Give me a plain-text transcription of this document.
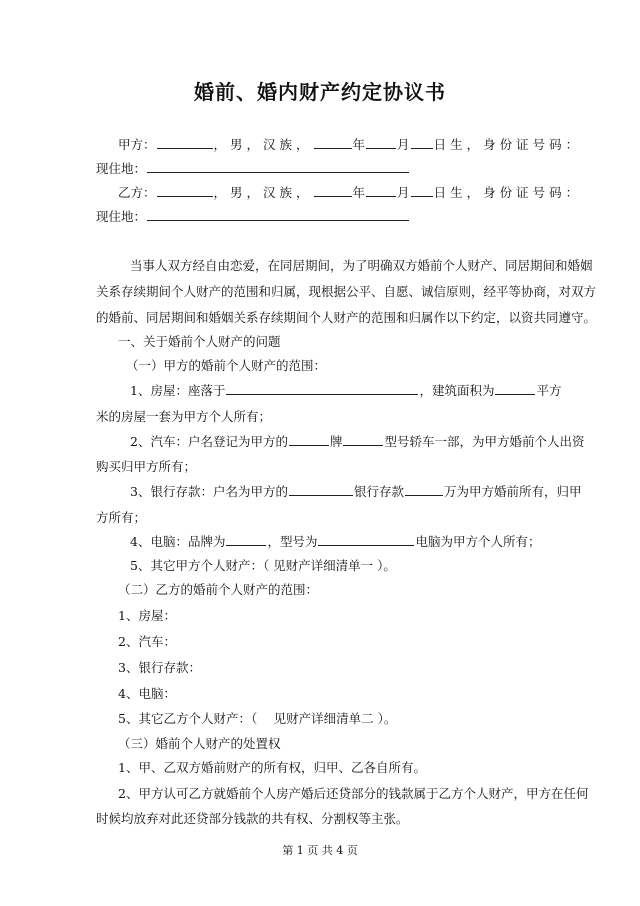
婚前、婚内财产约定协议书
甲方：	，男，汉族，	年	月 日生，身份证号码：
现住地：
乙方：	，男，汉族，	年	月 日生，身份证号码：
现住地：
当事人双方经自由恋爱，在同居期间，为了明确双方婚前个人财产、同居期间和婚姻
关系存续期间个人财产的范围和归属，现根据公平、自愿、诚信原则，经平等协商，对双方
的婚前、同居期间和婚姻关系存续期间个人财产的范围和归属作以下约定，以资共同遵守。
一、关于婚前个人财产的问题
（一）甲方的婚前个人财产的范围：
1、房屋：座落于	，建筑面积为	平方
米的房屋一套为甲方个人所有；
2、汽车：户名登记为甲方的	牌	型号轿车一部，为甲方婚前个人出资
购买归甲方所有；
3、银行存款：户名为甲方的	银行存款	万为甲方婚前所有，归甲
方所有；
4、电脑：品牌为	，型号为	电脑为甲方个人所有；
5、其它甲方个人财产：（ 见财产详细清单一 ）。
（二）乙方的婚前个人财产的范围：
1、房屋：
2、汽车：
3、银行存款：
4、电脑：
5、其它乙方个人财产：（　 见财产详细清单二 ）。
（三）婚前个人财产的处置权
1、甲、乙双方婚前财产的所有权，归甲、乙各自所有。
2、甲方认可乙方就婚前个人房产婚后还贷部分的钱款属于乙方个人财产，甲方在任何
时候均放弃对此还贷部分钱款的共有权、分割权等主张。
第 1 页 共 4 页
